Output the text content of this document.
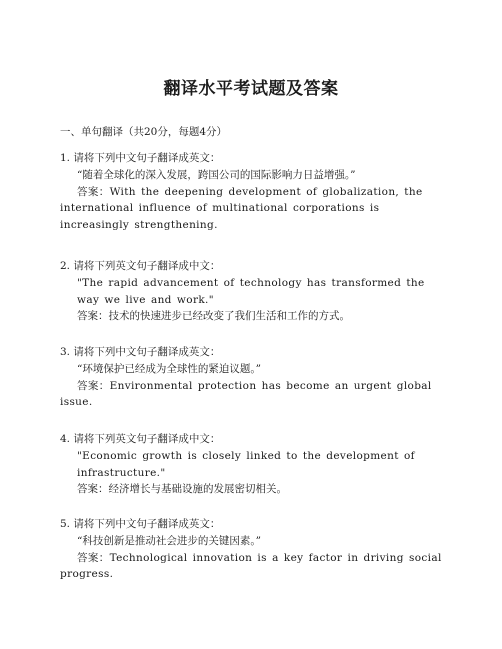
翻译水平考试题及答案

一、单句翻译（共20分，每题4分）

1. 请将下列中文句子翻译成英文：
“随着全球化的深入发展，跨国公司的国际影响力日益增强。”
答案：With the deepening development of globalization, the international influence of multinational corporations is increasingly strengthening.
2. 请将下列英文句子翻译成中文：
"The rapid advancement of technology has transformed the way we live and work."
答案：技术的快速进步已经改变了我们生活和工作的方式。
3. 请将下列中文句子翻译成英文：
“环境保护已经成为全球性的紧迫议题。”
答案：Environmental protection has become an urgent global issue.
4. 请将下列英文句子翻译成中文：
"Economic growth is closely linked to the development of infrastructure."
答案：经济增长与基础设施的发展密切相关。
5. 请将下列中文句子翻译成英文：
“科技创新是推动社会进步的关键因素。”
答案：Technological innovation is a key factor in driving social progress.
